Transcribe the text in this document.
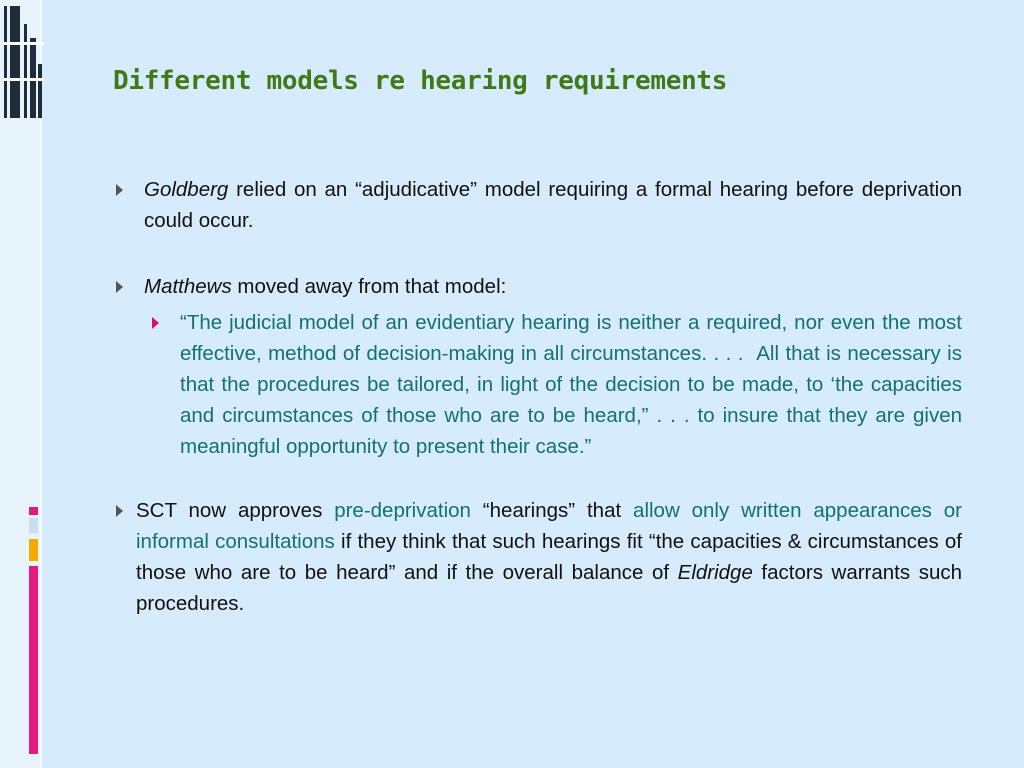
Different models re hearing requirements

Goldberg relied on an “adjudicative” model requiring a formal hearing before deprivation could occur.

Matthews moved away from that model:

“The judicial model of an evidentiary hearing is neither a required, nor even the most effective, method of decision-making in all circumstances. . . .  All that is necessary is that the procedures be tailored, in light of the decision to be made, to ‘the capacities and circumstances of those who are to be heard,” . . . to insure that they are given meaningful opportunity to present their case.”

SCT now approves pre-deprivation “hearings” that allow only written appearances or informal consultations if they think that such hearings fit “the capacities & circumstances of those who are to be heard” and if the overall balance of Eldridge factors warrants such procedures.
